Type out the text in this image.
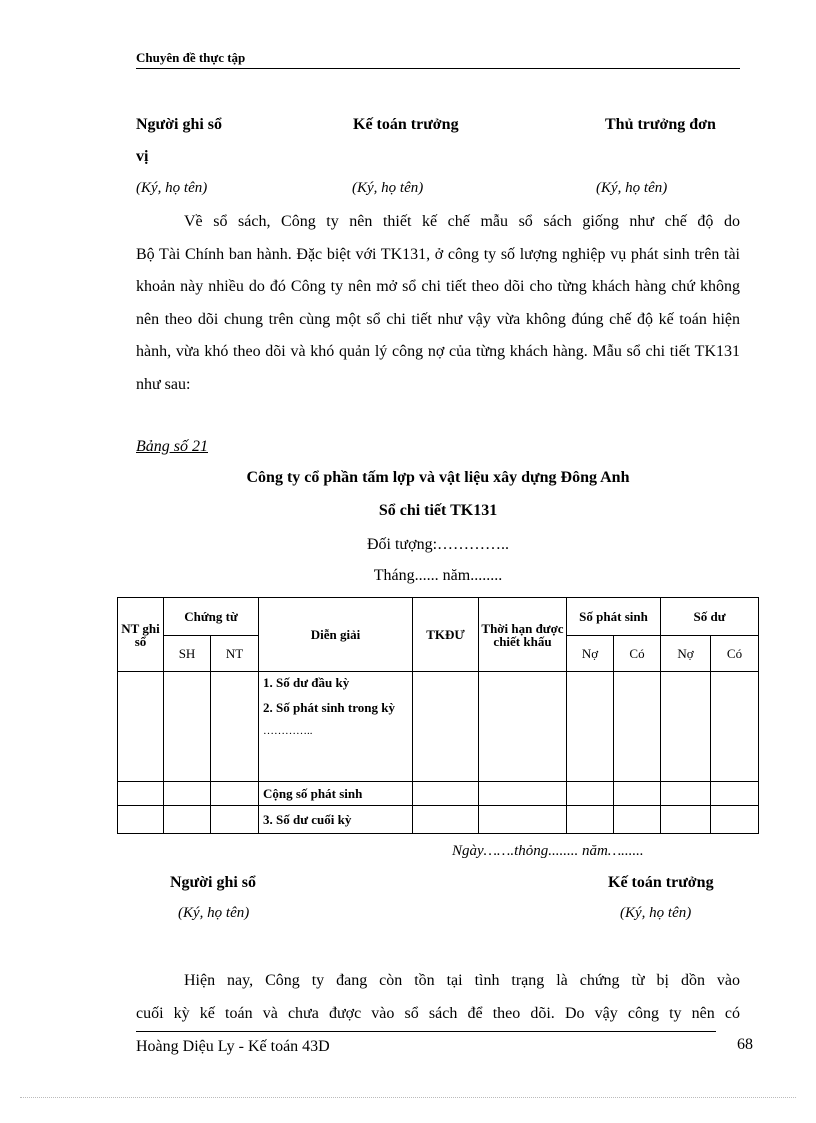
Chuyên đề thực tập
Người ghi sổ	Kế toán trưởng	Thủ trưởng đơn
vị
(Ký, họ tên)	(Ký, họ tên)	(Ký, họ tên)

Về sổ sách, Công ty nên thiết kế chế mẫu sổ sách giống như chế độ do

Bộ Tài Chính ban hành. Đặc biệt với TK131, ở công ty số lượng nghiệp vụ phát sinh trên tài khoản này nhiều do đó Công ty nên mở sổ chi tiết theo dõi cho từng khách hàng chứ không nên theo dõi chung trên cùng một sổ chi tiết như vậy vừa không đúng chế độ kế toán hiện hành, vừa khó theo dõi và khó quản lý công nợ của từng khách hàng. Mẫu sổ chi tiết TK131 như sau:

Bảng số 21
Công ty cổ phần tấm lợp và vật liệu xây dựng Đông Anh
Sổ chi tiết TK131
Đối tượng:…………..
Tháng...... năm........
NT ghi sổ	Chứng từ		Diễn giải	TKĐƯ	Thời hạn được chiết khấu	Số phát sinh		Số dư	
	SH	NT				Nợ	Có	Nợ	Có

			1. Số dư đầu kỳ
2. Số phát sinh trong kỳ
…………..						

			Cộng số phát sinh						
			3. Số dư cuối kỳ						
Ngày…….thỏng........ năm…......
Người ghi sổ	Kế toán trưởng
(Ký, họ tên)	(Ký, họ tên)

Hiện nay, Công ty đang còn tồn tại tình trạng là chứng từ bị dồn vào

cuối kỳ kế toán và chưa được vào sổ sách để theo dõi. Do vậy công ty nên có

Hoàng Diệu Ly - Kế toán 43D	68
